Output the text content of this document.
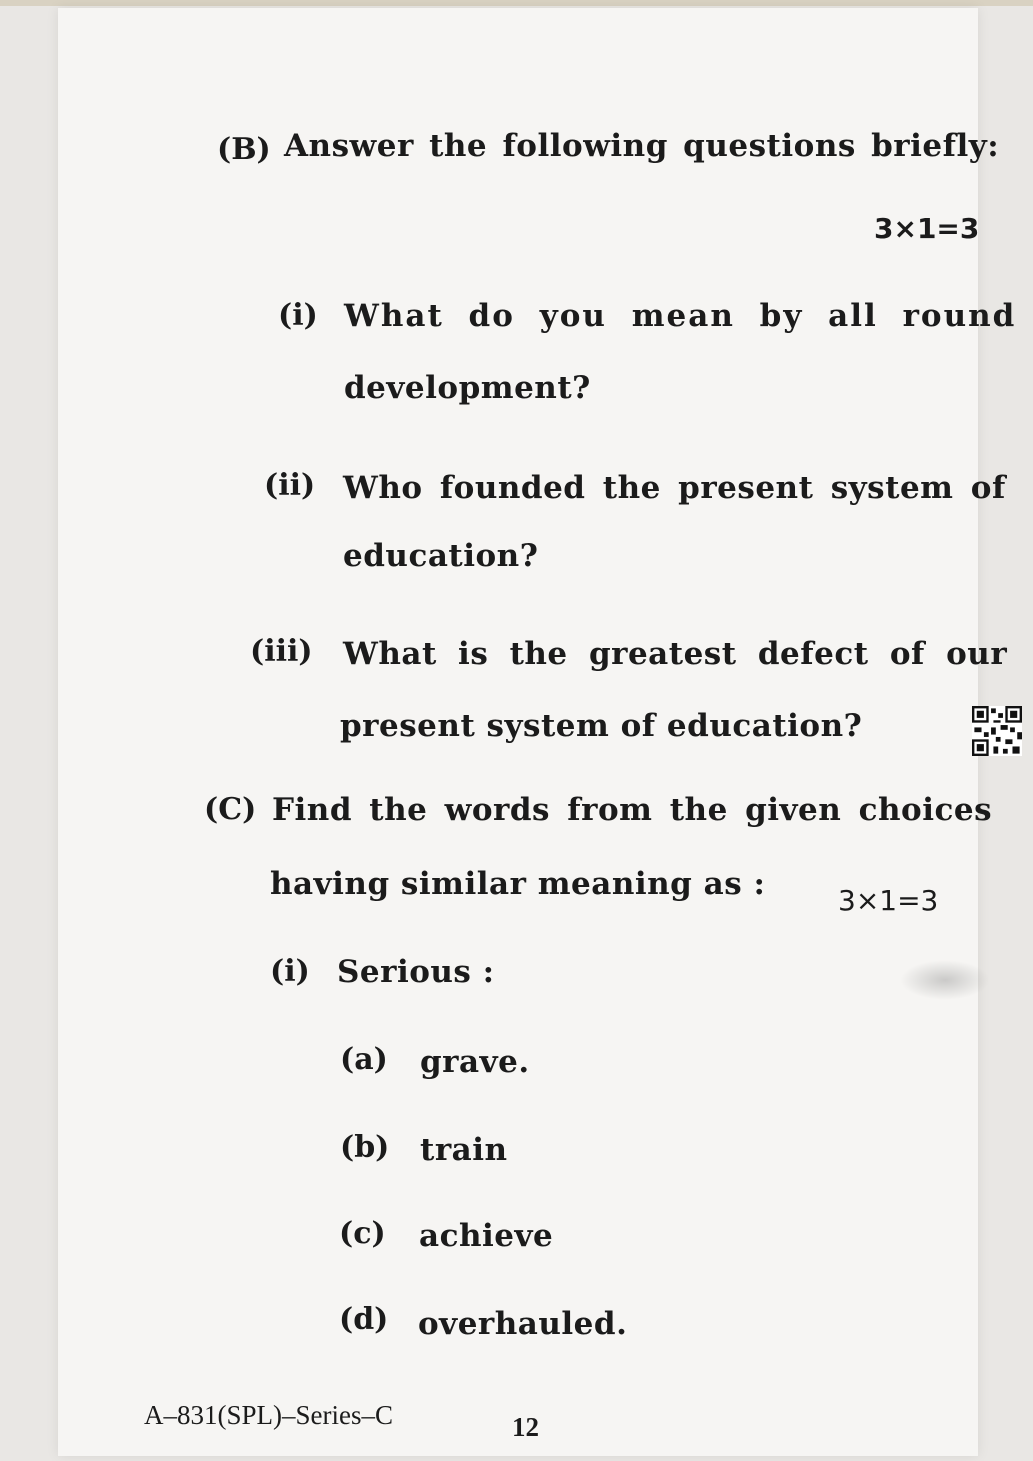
(B) Answer the following questions briefly:
3×1=3
(i) What do you mean by all round
development?
(ii) Who founded the present system of
education?
(iii) What is the greatest defect of our
present system of education?
(C) Find the words from the given choices
having similar meaning as :	3×1=3
(i) Serious :
(a) grave.
(b) train
(c) achieve
(d) overhauled.
A–831(SPL)–Series–C	12
